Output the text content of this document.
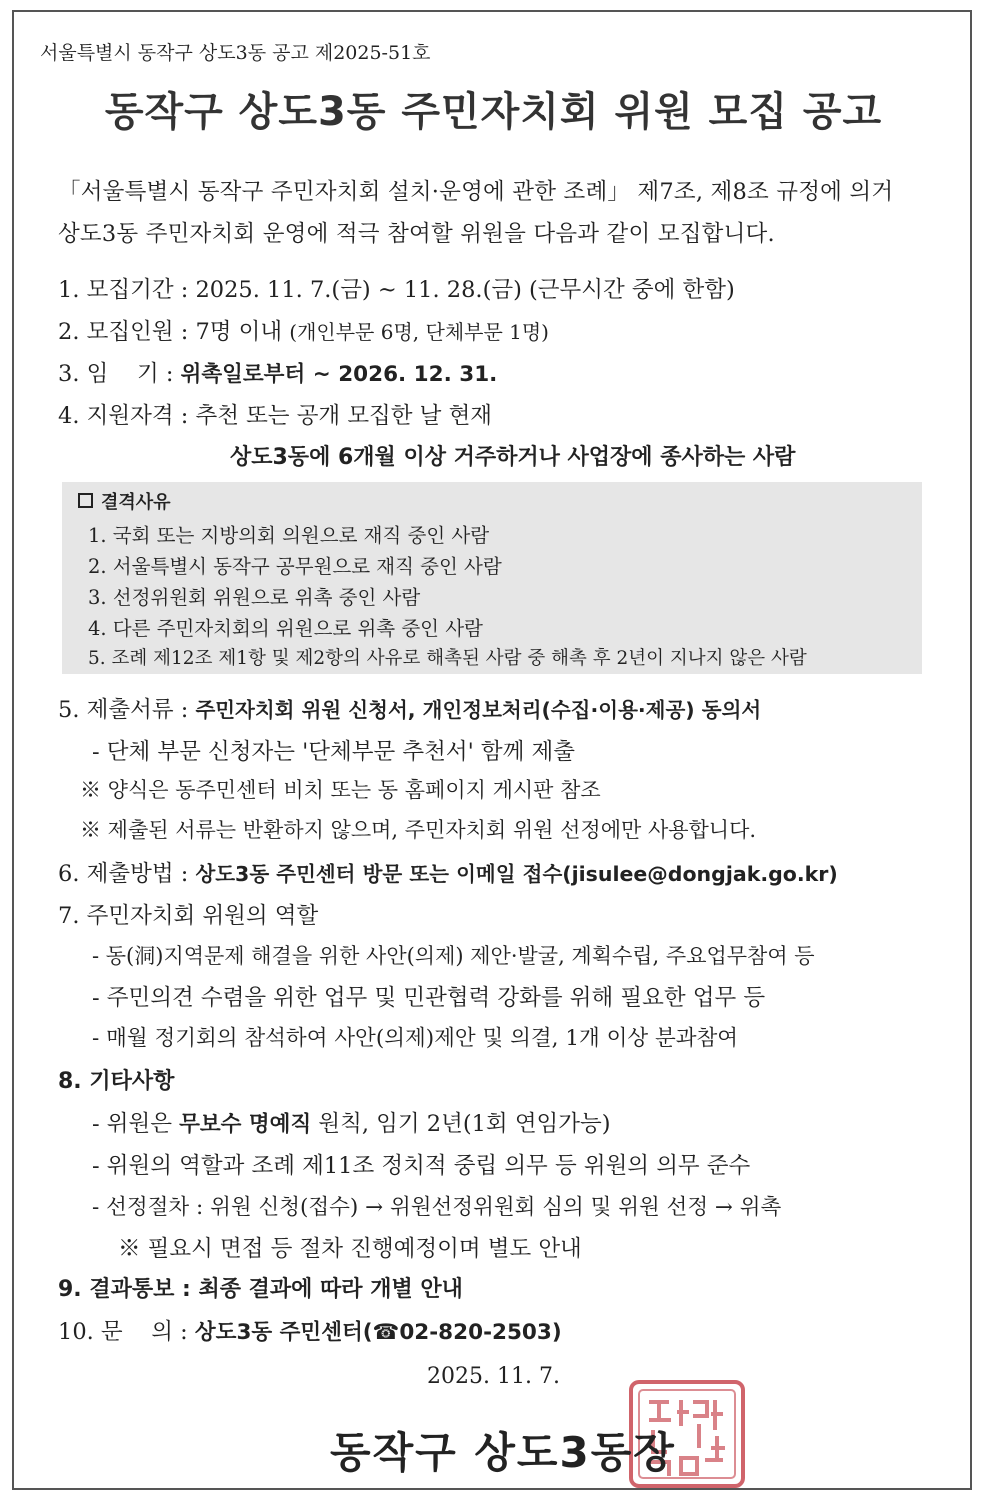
서울특별시 동작구 상도3동 공고 제2025-51호
동작구 상도3동 주민자치회 위원 모집 공고
「서울특별시 동작구 주민자치회 설치·운영에 관한 조례」 제7조, 제8조 규정에 의거
상도3동 주민자치회 운영에 적극 참여할 위원을 다음과 같이 모집합니다.
1. 모집기간 : 2025. 11. 7.(금) ~ 11. 28.(금) (근무시간 중에 한함)
2. 모집인원 : 7명 이내 (개인부문 6명, 단체부문 1명)
3. 임    기 : 위촉일로부터 ~ 2026. 12. 31.
4. 지원자격 : 추천 또는 공개 모집한 날 현재
상도3동에 6개월 이상 거주하거나 사업장에 종사하는 사람
결격사유
1. 국회 또는 지방의회 의원으로 재직 중인 사람
2. 서울특별시 동작구 공무원으로 재직 중인 사람
3. 선정위원회 위원으로 위촉 중인 사람
4. 다른 주민자치회의 위원으로 위촉 중인 사람
5. 조례 제12조 제1항 및 제2항의 사유로 해촉된 사람 중 해촉 후 2년이 지나지 않은 사람
5. 제출서류 : 주민자치회 위원 신청서, 개인정보처리(수집·이용·제공) 동의서
- 단체 부문 신청자는 '단체부문 추천서' 함께 제출
※ 양식은 동주민센터 비치 또는 동 홈페이지 게시판 참조
※ 제출된 서류는 반환하지 않으며, 주민자치회 위원 선정에만 사용합니다.
6. 제출방법 : 상도3동 주민센터 방문 또는 이메일 접수(jisulee@dongjak.go.kr)
7. 주민자치회 위원의 역할
- 동(洞)지역문제 해결을 위한 사안(의제) 제안·발굴, 계획수립, 주요업무참여 등
- 주민의견 수렴을 위한 업무 및 민관협력 강화를 위해 필요한 업무 등
- 매월 정기회의 참석하여 사안(의제)제안 및 의결, 1개 이상 분과참여
8. 기타사항
- 위원은 무보수 명예직 원칙, 임기 2년(1회 연임가능)
- 위원의 역할과 조례 제11조 정치적 중립 의무 등 위원의 의무 준수
- 선정절차 : 위원 신청(접수) → 위원선정위원회 심의 및 위원 선정 → 위촉
※ 필요시 면접 등 절차 진행예정이며 별도 안내
9. 결과통보 : 최종 결과에 따라 개별 안내
10. 문    의 : 상도3동 주민센터(☎02-820-2503)
2025. 11. 7.
동작구 상도3동장
